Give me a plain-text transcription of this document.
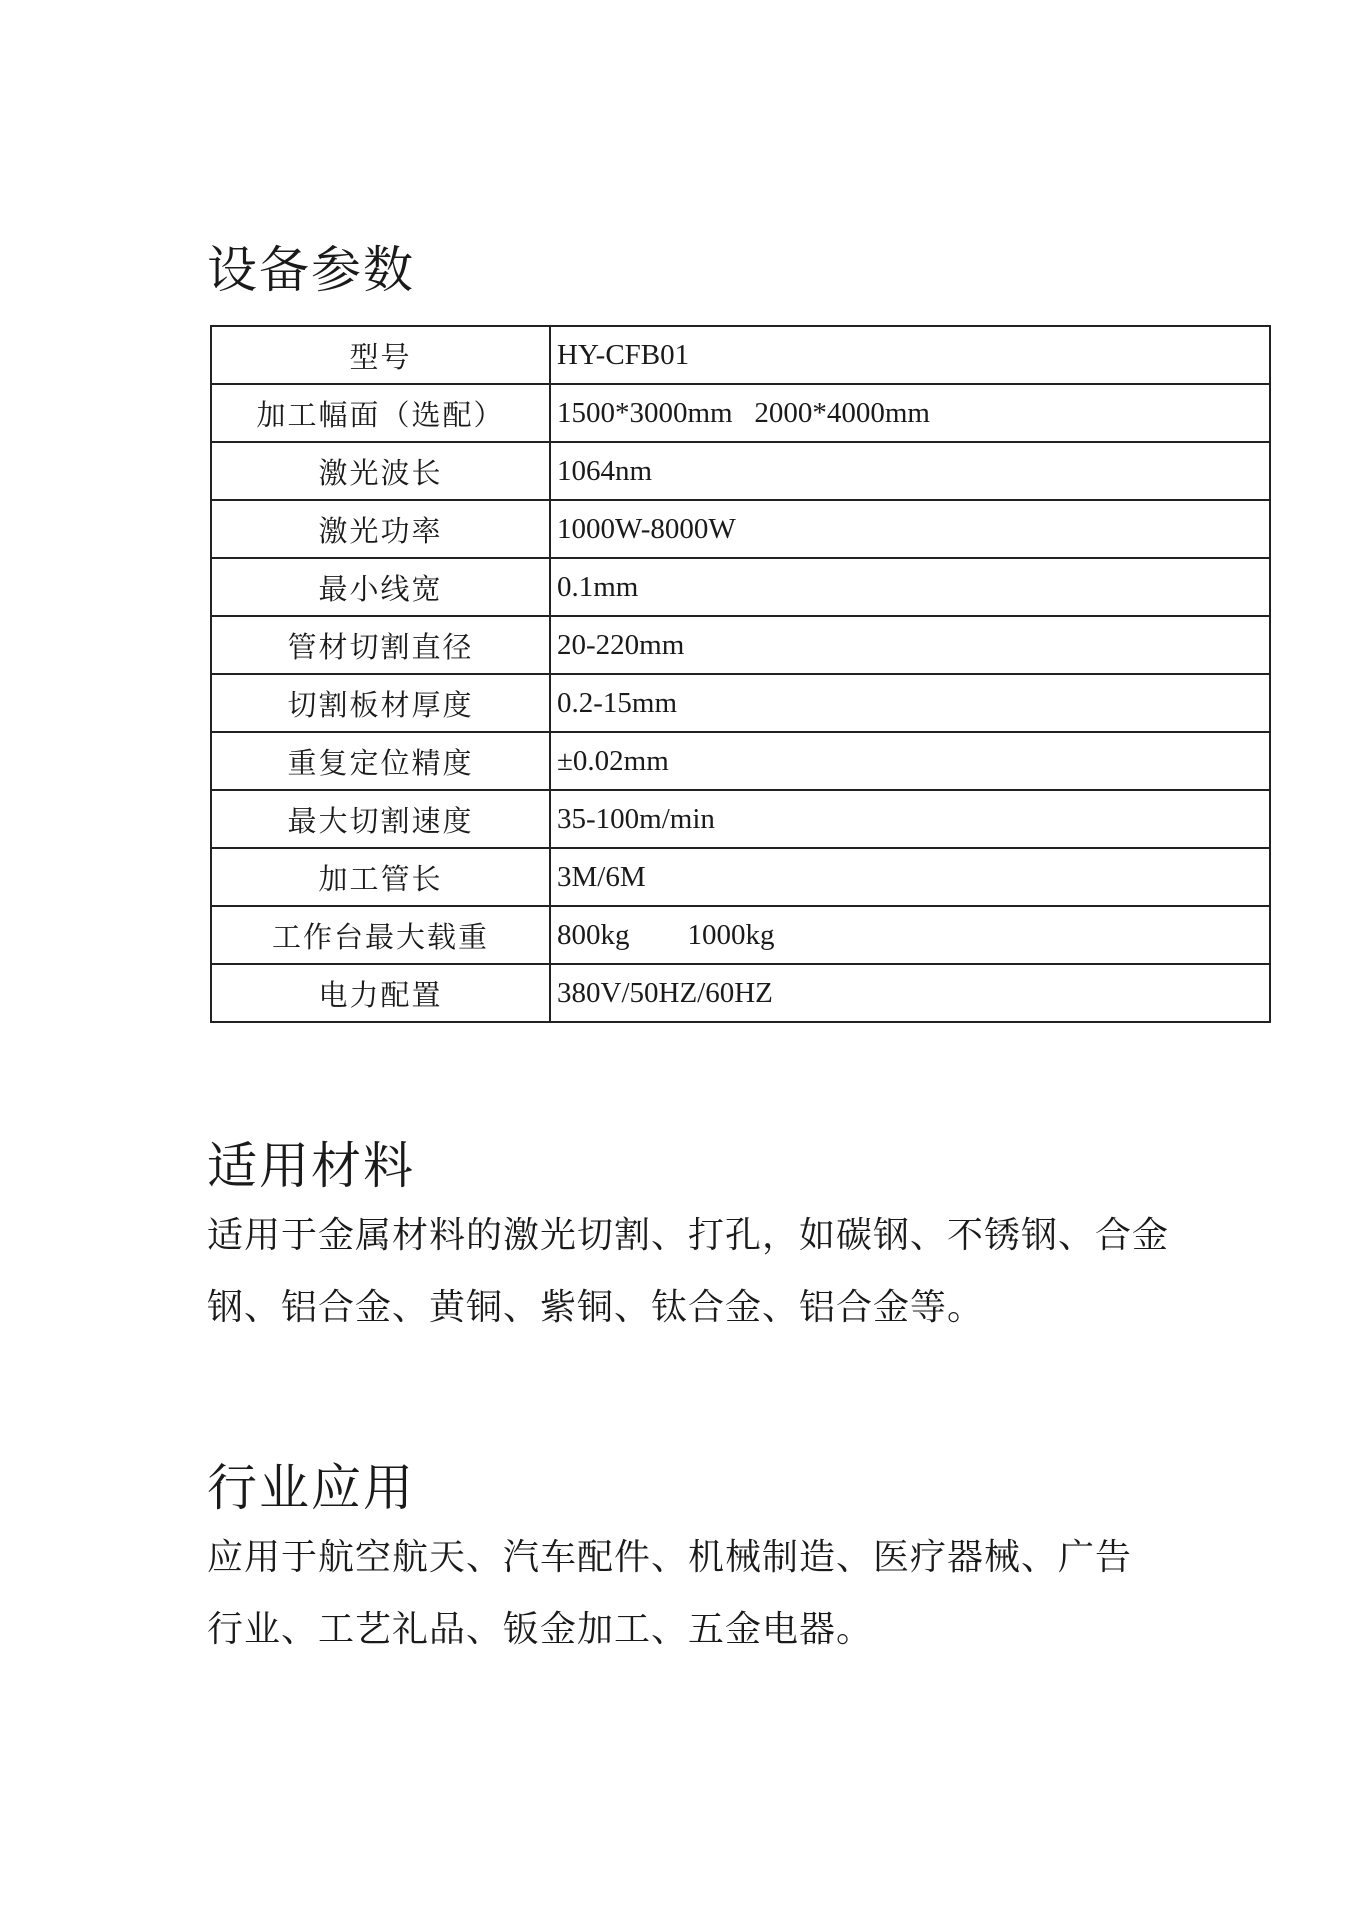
设备参数
型号	HY-CFB01
加工幅面（选配）	1500*3000mm   2000*4000mm
激光波长	1064nm
激光功率	1000W-8000W
最小线宽	0.1mm
管材切割直径	20-220mm
切割板材厚度	0.2-15mm
重复定位精度	±0.02mm
最大切割速度	35-100m/min
加工管长	3M/6M
工作台最大载重	800kg        1000kg
电力配置	380V/50HZ/60HZ
适用材料

适用于金属材料的激光切割、打孔，如碳钢、不锈钢、合金
钢、铝合金、黄铜、紫铜、钛合金、铝合金等。

行业应用

应用于航空航天、汽车配件、机械制造、医疗器械、广告
行业、工艺礼品、钣金加工、五金电器。
